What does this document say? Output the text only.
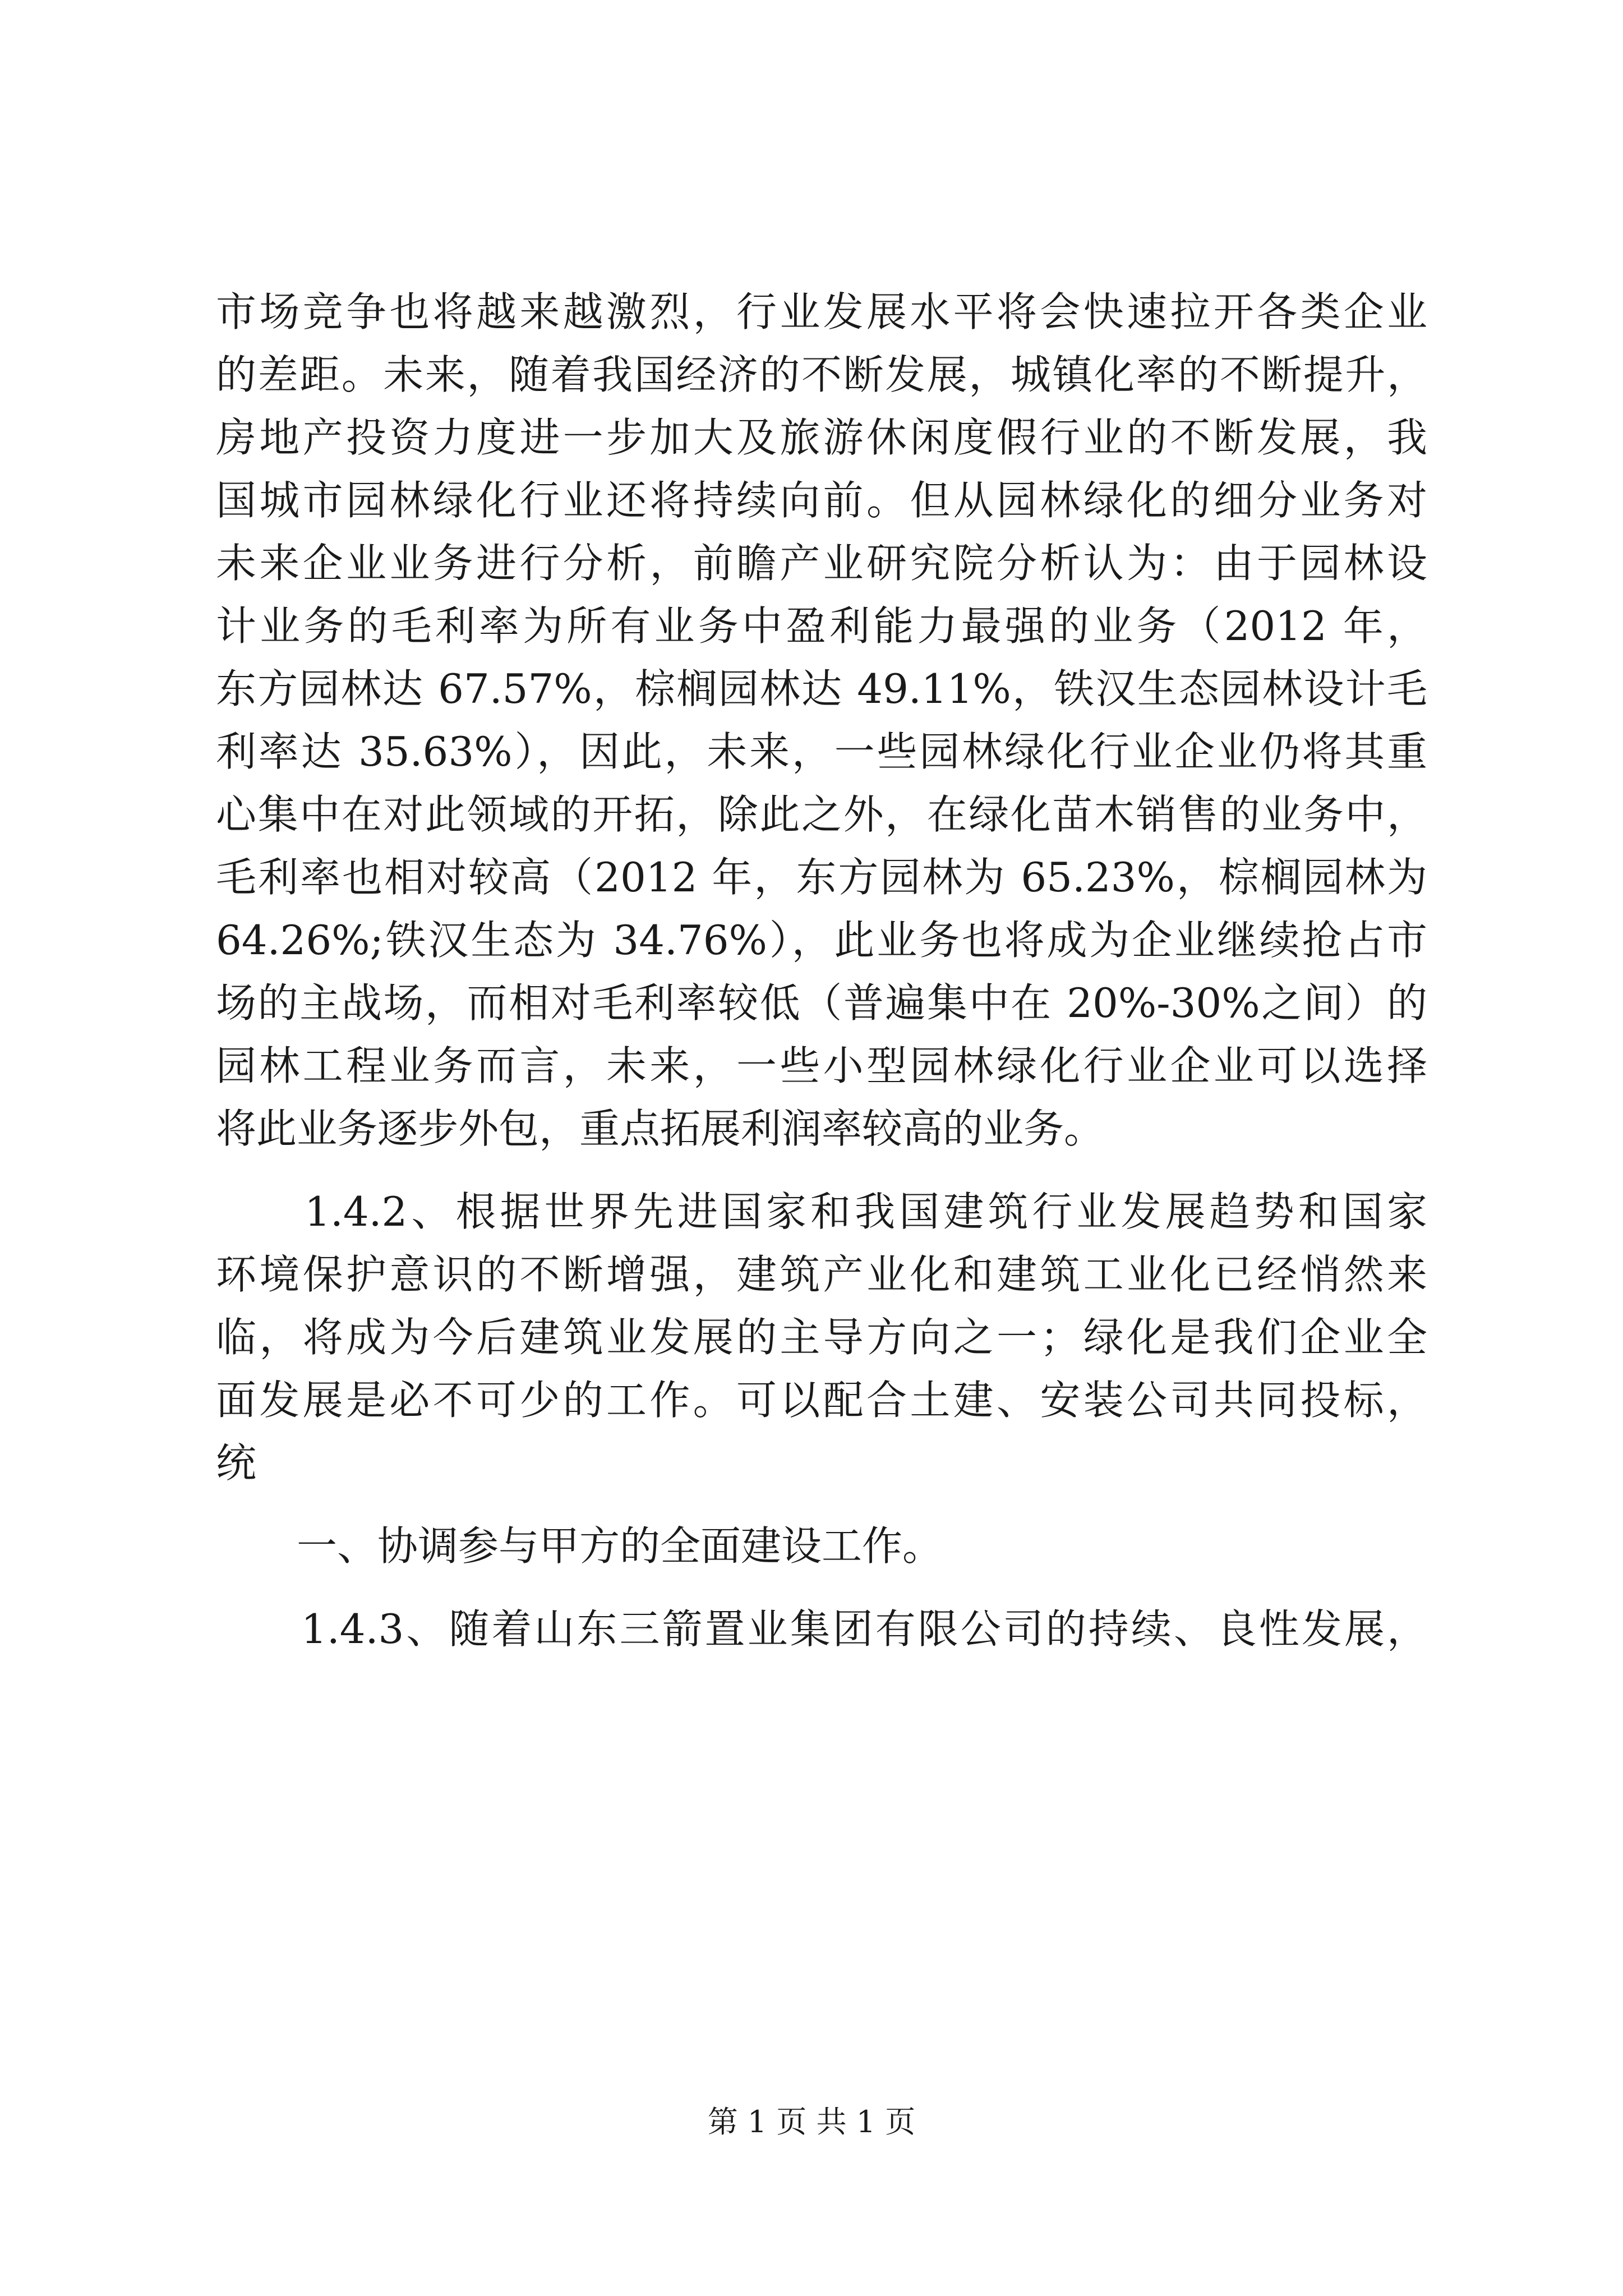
市场竞争也将越来越激烈，行业发展水平将会快速拉开各类企业
的差距。未来，随着我国经济的不断发展，城镇化率的不断提升，
房地产投资力度进一步加大及旅游休闲度假行业的不断发展，我
国城市园林绿化行业还将持续向前。但从园林绿化的细分业务对
未来企业业务进行分析，前瞻产业研究院分析认为：由于园林设
计业务的毛利率为所有业务中盈利能力最强的业务（2012 年，
东方园林达 67.57%，棕榈园林达 49.11%，铁汉生态园林设计毛
利率达 35.63%），因此，未来，一些园林绿化行业企业仍将其重
心集中在对此领域的开拓，除此之外，在绿化苗木销售的业务中，
毛利率也相对较高（2012 年，东方园林为 65.23%，棕榈园林为
64.26%;铁汉生态为 34.76%），此业务也将成为企业继续抢占市
场的主战场，而相对毛利率较低（普遍集中在 20%-30%之间）的
园林工程业务而言，未来，一些小型园林绿化行业企业可以选择
将此业务逐步外包，重点拓展利润率较高的业务。
　　1.4.2、根据世界先进国家和我国建筑行业发展趋势和国家
环境保护意识的不断增强，建筑产业化和建筑工业化已经悄然来
临，将成为今后建筑业发展的主导方向之一；绿化是我们企业全
面发展是必不可少的工作。可以配合土建、安装公司共同投标，
统
　　一、协调参与甲方的全面建设工作。
　　1.4.3、随着山东三箭置业集团有限公司的持续、良性发展，
第 1 页 共 1 页
